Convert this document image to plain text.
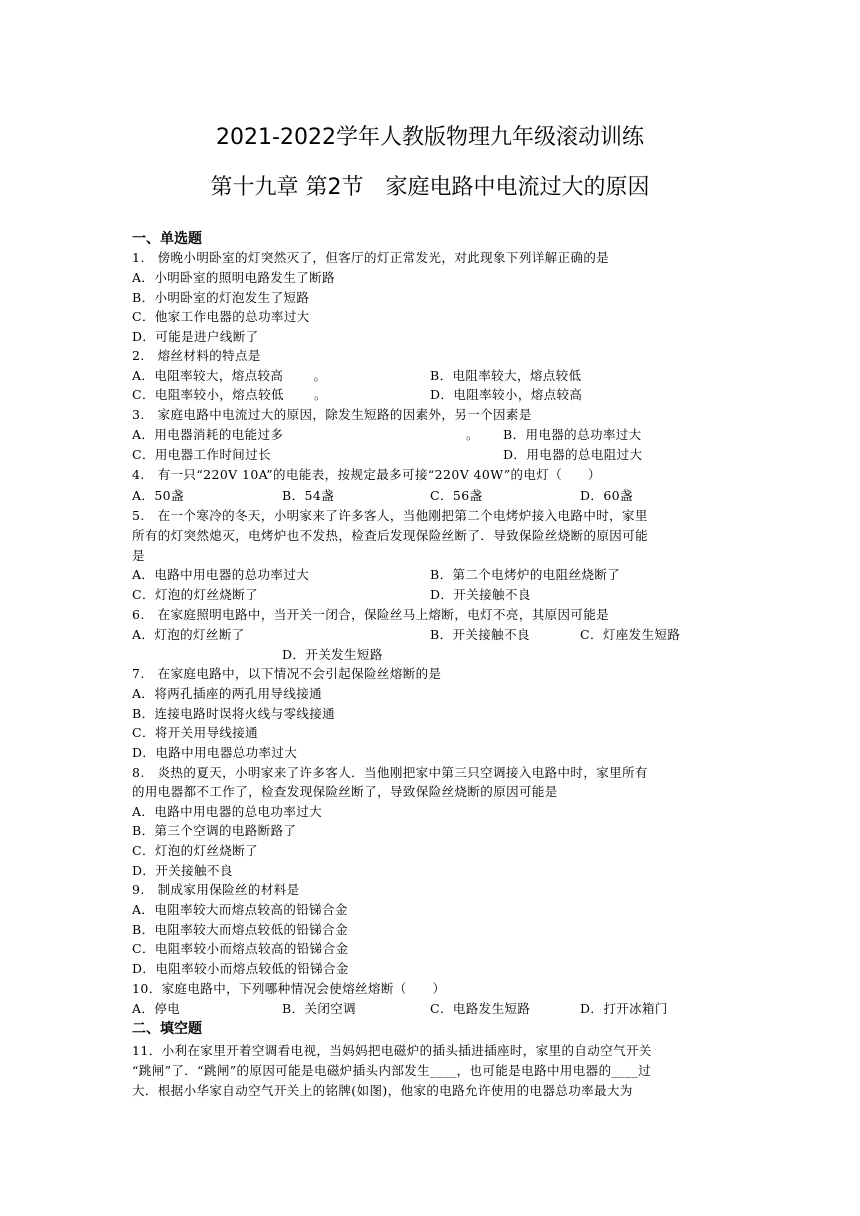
2021-2022学年人教版物理九年级滚动训练
第十九章 第2节　家庭电路中电流过大的原因
一、单选题
1.　傍晚小明卧室的灯突然灭了，但客厅的灯正常发光，对此现象下列详解正确的是
A．小明卧室的照明电路发生了断路
B．小明卧室的灯泡发生了短路
C．他家工作电器的总功率过大
D．可能是进户线断了
2.　熔丝材料的特点是
A．电阻率较大，熔点较高　　 。	B．电阻率较大，熔点较低
C．电阻率较小，熔点较低　　 。	D．电阻率较小，熔点较高
3.　家庭电路中电流过大的原因，除发生短路的因素外，另一个因素是
A．用电器消耗的电能过多	。 B．用电器的总功率过大
C．用电器工作时间过长	D．用电器的总电阻过大
4.　有一只“220V 10A”的电能表，按规定最多可接“220V 40W”的电灯（　　）
A．50盏	B．54盏	C．56盏	D．60盏
5.　在一个寒冷的冬天，小明家来了许多客人，当他刚把第二个电烤炉接入电路中时，家里
所有的灯突然熄灭，电烤炉也不发热，检查后发现保险丝断了．导致保险丝烧断的原因可能
是
A．电路中用电器的总功率过大	B．第二个电烤炉的电阻丝烧断了
C．灯泡的灯丝烧断了	D．开关接触不良
6.　在家庭照明电路中，当开关一闭合，保险丝马上熔断，电灯不亮，其原因可能是
A．灯泡的灯丝断了	B．开关接触不良	C．灯座发生短路
D．开关发生短路
7.　在家庭电路中，以下情况不会引起保险丝熔断的是
A．将两孔插座的两孔用导线接通
B．连接电路时误将火线与零线接通
C．将开关用导线接通
D．电路中用电器总功率过大
8.　炎热的夏天，小明家来了许多客人．当他刚把家中第三只空调接入电路中时，家里所有
的用电器都不工作了，检查发现保险丝断了，导致保险丝烧断的原因可能是
A．电路中用电器的总电功率过大
B．第三个空调的电路断路了
C．灯泡的灯丝烧断了
D．开关接触不良
9.　制成家用保险丝的材料是
A．电阻率较大而熔点较高的铅锑合金
B．电阻率较大而熔点较低的铅锑合金
C．电阻率较小而熔点较高的铅锑合金
D．电阻率较小而熔点较低的铅锑合金
10．家庭电路中，下列哪种情况会使熔丝熔断（　　）
A．停电	B．关闭空调	C．电路发生短路	D．打开冰箱门
二、填空题
11．小利在家里开着空调看电视，当妈妈把电磁炉的插头插进插座时，家里的自动空气开关
“跳闸”了．“跳闸”的原因可能是电磁炉插头内部发生____，也可能是电路中用电器的____过
大．根据小华家自动空气开关上的铭牌(如图)，他家的电路允许使用的电器总功率最大为
